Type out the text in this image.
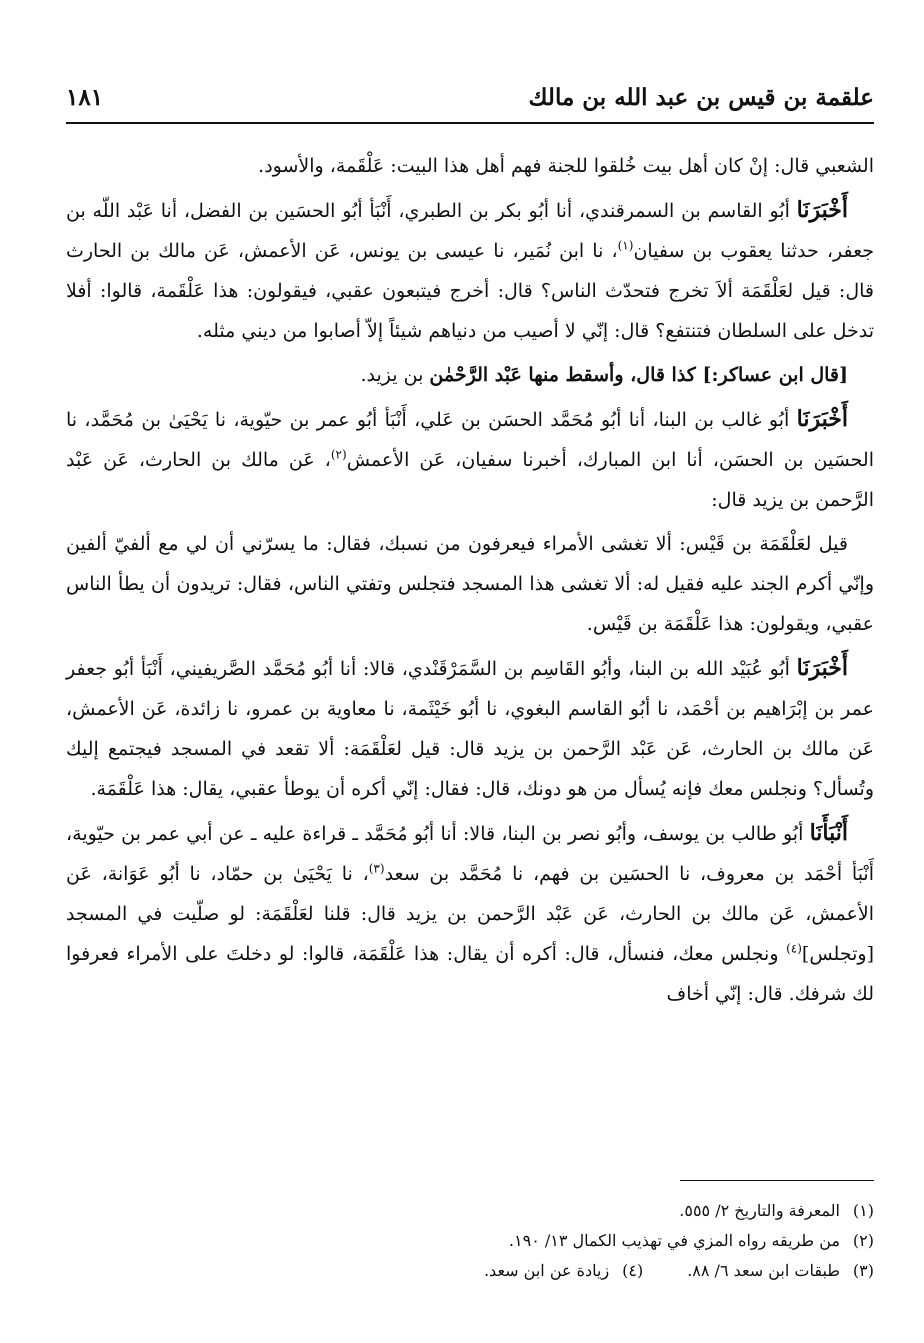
علقمة بن قيس بن عبد الله بن مالك
١٨١

الشعبي قال: إنْ كان أهل بيت خُلقوا للجنة فهم أهل هذا البيت: عَلْقَمة، والأسود.

أَخْبَرَنَا أبُو القاسم بن السمرقندي، أنا أبُو بكر بن الطبري، أَنْبَأ أبُو الحسَين بن الفضل، أنا عَبْد اللّه بن جعفر، حدثنا يعقوب بن سفيان$^{(١)}$، نا ابن نُمَير، نا عيسى بن يونس، عَن الأعمش، عَن مالك بن الحارث قال: قيل لعَلْقَمَة ألاَ تخرج فتحدّث الناس؟ قال: أخرج فيتبعون عقبي، فيقولون: هذا عَلْقَمة، قالوا: أفلا تدخل على السلطان فتنتفع؟ قال: إنّي لا أصيب من دنياهم شيئاً إلاّ أصابوا من ديني مثله.

[قال ابن عساكر:] كذا قال، وأسقط منها عَبْد الرَّحْمٰن بن يزيد.

أَخْبَرَنَا أبُو غالب بن البنا، أنا أبُو مُحَمَّد الحسَن بن عَلي، أَنْبَأ أبُو عمر بن حيّوية، نا يَحْيَىٰ بن مُحَمَّد، نا الحسَين بن الحسَن، أنا ابن المبارك، أخبرنا سفيان، عَن الأعمش$^{(٢)}$، عَن مالك بن الحارث، عَن عَبْد الرَّحمن بن يزيد قال:

قيل لعَلْقَمَة بن قَيْس: ألا تغشى الأمراء فيعرفون من نسبك، فقال: ما يسرّني أن لي مع ألفيّ ألفين وإنّي أكرم الجند عليه فقيل له: ألا تغشى هذا المسجد فتجلس وتفتي الناس، فقال: تريدون أن يطأ الناس عقبي، ويقولون: هذا عَلْقَمَة بن قَيْس.

أَخْبَرَنَا أبُو عُبَيْد الله بن البنا، وأبُو القَاسِم بن السَّمَرْقَنْدي، قالا: أنا أبُو مُحَمَّد الصَّريفيني، أَنْبَأ أبُو جعفر عمر بن إبْرَاهيم بن أحْمَد، نا أبُو القاسم البغوي، نا أبُو خَيْثَمة، نا معاوية بن عمرو، نا زائدة، عَن الأعمش، عَن مالك بن الحارث، عَن عَبْد الرَّحمن بن يزيد قال: قيل لعَلْقَمَة: ألا تقعد في المسجد فيجتمع إليك وتُسأل؟ ونجلس معك فإنه يُسأل من هو دونك، قال: فقال: إنّي أكره أن يوطأ عقبي، يقال: هذا عَلْقَمَة.

أَنْبَأَنَا أبُو طالب بن يوسف، وأبُو نصر بن البنا، قالا: أنا أبُو مُحَمَّد ـ قراءة عليه ـ عن أبي عمر بن حيّوية، أَنْبَأ أحْمَد بن معروف، نا الحسَين بن فهم، نا مُحَمَّد بن سعد$^{(٣)}$، نا يَحْيَىٰ بن حمّاد، نا أبُو عَوَانة، عَن الأعمش، عَن مالك بن الحارث، عَن عَبْد الرَّحمن بن يزيد قال: قلنا لعَلْقَمَة: لو صلّيت في المسجد [وتجلس]$^{(٤)}$ ونجلس معك، فنسأل، قال: أكره أن يقال: هذا عَلْقَمَة، قالوا: لو دخلتَ على الأمراء فعرفوا لك شرفك. قال: إنّي أخاف

(١)المعرفة والتاريخ ٢/ ٥٥٥.
(٢)من طريقه رواه المزي في تهذيب الكمال ١٣/ ١٩٠.
(٣)طبقات ابن سعد ٦/ ٨٨.
(٤)زيادة عن ابن سعد.
